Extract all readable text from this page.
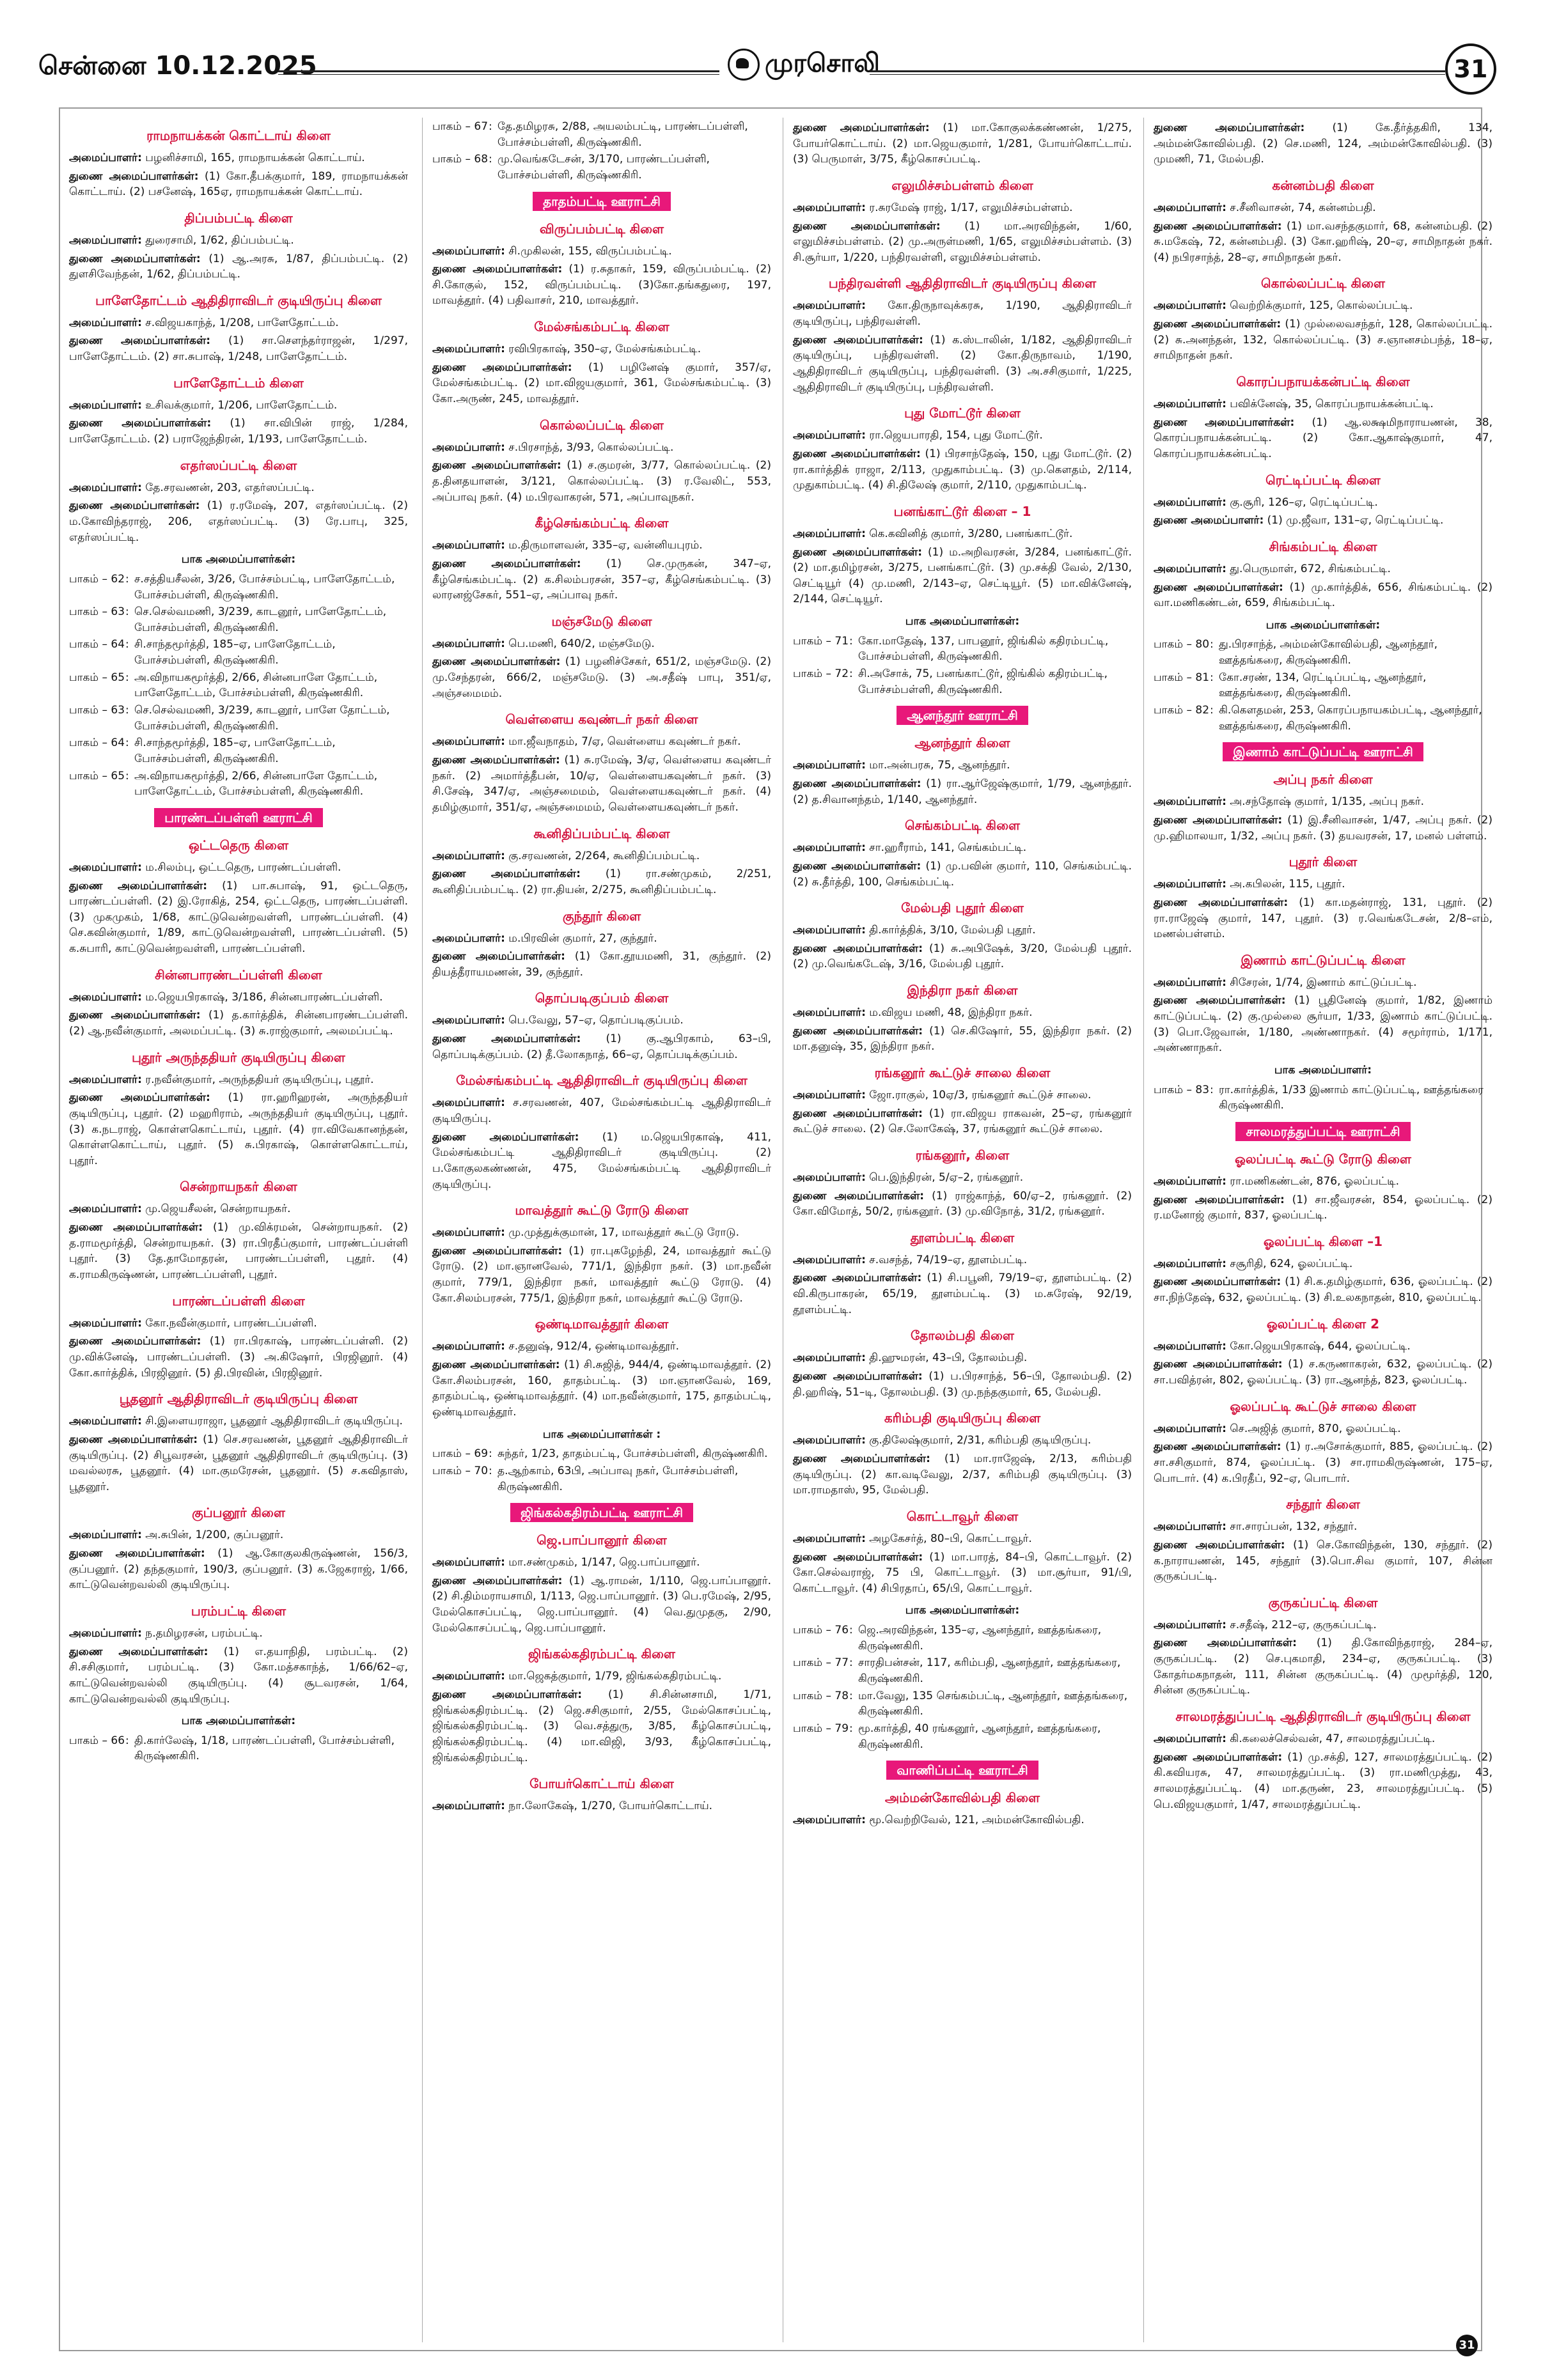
சென்னை 10.12.2025	முரசொலி	31
ராமநாயக்கன் கொட்டாய் கிளை
அமைப்பாளர்: பழனிச்சாமி, 165, ராமநாயக்கன் கொட்டாய்.
துணை அமைப்பாளர்கள்: (1) கோ.தீபக்குமார், 189, ராமநாயக்கன் கொட்டாய். (2) பசனேஷ், 165ஏ, ராமநாயக்கன் கொட்டாய்.
திப்பம்பட்டி கிளை
அமைப்பாளர்: துரைசாமி, 1/62, திப்பம்பட்டி.
துணை அமைப்பாளர்கள்: (1) ஆ.அரசு, 1/87, திப்பம்பட்டி. (2) துளசிவேந்தன், 1/62, திப்பம்பட்டி.
பாளேதோட்டம் ஆதிதிராவிடர் குடியிருப்பு கிளை
அமைப்பாளர்: ச.விஜயகாந்த், 1/208, பாளேதோட்டம்.
துணை அமைப்பாளர்கள்: (1) சா.சௌந்தர்ராஜன், 1/297, பாளேதோட்டம். (2) சா.சுபாஷ், 1/248, பாளேதோட்டம்.
பாளேதோட்டம் கிளை
அமைப்பாளர்: உசிவக்குமார், 1/206, பாளேதோட்டம்.
துணை அமைப்பாளர்கள்: (1) சா.விபின் ராஜ், 1/284, பாளேதோட்டம். (2) பராஜேந்திரன், 1/193, பாளேதோட்டம்.
எதர்ஸப்பட்டி கிளை
அமைப்பாளர்: தே.சரவணன், 203, எதர்ஸப்பட்டி.
துணை அமைப்பாளர்கள்: (1) ர.ரமேஷ், 207, எதர்ஸப்பட்டி. (2) ம.கோவிந்தராஜ், 206, எதர்ஸப்பட்டி. (3) ரே.பாபு, 325, எதர்ஸப்பட்டி.
பாக அமைப்பாளர்கள்:
பாகம் – 62 : ச.சத்தியசீலன், 3/26, போச்சம்பட்டி, பாளேதோட்டம், போச்சம்பள்ளி, கிருஷ்ணகிரி.
பாகம் – 63 : செ.செல்வமணி, 3/239, காடனூர், பாளேதோட்டம், போச்சம்பள்ளி, கிருஷ்ணகிரி.
பாகம் – 64 : சி.சாந்தமூர்த்தி, 185–ஏ, பாளேதோட்டம், போச்சம்பள்ளி, கிருஷ்ணகிரி.
பாகம் – 65 : அ.விநாயகமூர்த்தி, 2/66, சின்னபாளே தோட்டம், பாளேதோட்டம், போச்சம்பள்ளி, கிருஷ்ணகிரி.
பாகம் – 63 : செ.செல்வமணி, 3/239, காடனூர், பாளே தோட்டம், போச்சம்பள்ளி, கிருஷ்ணகிரி.
பாகம் – 64 : சி.சாந்தமூர்த்தி, 185–ஏ, பாளேதோட்டம், போச்சம்பள்ளி, கிருஷ்ணகிரி.
பாகம் – 65 : அ.விநாயகமூர்த்தி, 2/66, சின்னபாளே தோட்டம், பாளேதோட்டம், போச்சம்பள்ளி, கிருஷ்ணகிரி.
பாரண்டப்பள்ளி ஊராட்சி
ஒட்டதெரு கிளை
அமைப்பாளர்: ம.சிலம்பு, ஒட்டதெரு, பாரண்டப்பள்ளி.
துணை அமைப்பாளர்கள்: (1) பா.சுபாஷ், 91, ஒட்டதெரு, பாரண்டப்பள்ளி. (2) இ.ரோகித், 254, ஒட்டதெரு, பாரண்டப்பள்ளி. (3) முகமுகம், 1/68, காட்டுவென்றவள்ளி, பாரண்டப்பள்ளி. (4) செ.கவின்குமார், 1/89, காட்டுவென்றவள்ளி, பாரண்டப்பள்ளி. (5) க.சுபாரி, காட்டுவென்றவள்ளி, பாரண்டப்பள்ளி.
சின்னபாரண்டப்பள்ளி கிளை
அமைப்பாளர்: ம.ஜெயபிரகாஷ், 3/186, சின்னபாரண்டப்பள்ளி.
துணை அமைப்பாளர்கள்: (1) த.கார்த்திக், சின்னபாரண்டப்பள்ளி. (2) ஆ.நவீன்குமார், அலமப்பட்டி. (3) சு.ராஜ்குமார், அலமப்பட்டி.
புதூர் அருந்ததியர் குடியிருப்பு கிளை
அமைப்பாளர்: ர.நவீன்குமார், அருந்ததியர் குடியிருப்பு, புதூர்.
துணை அமைப்பாளர்கள்: (1) ரா.ஹரிஹரன், அருந்ததியர் குடியிருப்பு, புதூர். (2) மஹரிராம், அருந்ததியர் குடியிருப்பு, புதூர். (3) க.நடராஜ், கொள்ளகொட்டாய், புதூர். (4) ரா.விவேகானந்தன், கொள்ளகொட்டாய், புதூர். (5) சு.பிரகாஷ், கொள்ளகொட்டாய், புதூர்.
சென்றாயநகர் கிளை
அமைப்பாளர்: மு.ஜெயசீலன், சென்றாயநகர்.
துணை அமைப்பாளர்கள்: (1) மு.விக்ரமன், சென்றாயநகர். (2) த.ராமமூர்த்தி, சென்றாயநகர். (3) ரா.பிரதீப்குமார், பாரண்டப்பள்ளி புதூர். (3) தே.தாமோதரன், பாரண்டப்பள்ளி, புதூர். (4) க.ராமகிருஷ்ணன், பாரண்டப்பள்ளி, புதூர்.
பாரண்டப்பள்ளி கிளை
அமைப்பாளர்: கோ.நவீன்குமார், பாரண்டப்பள்ளி.
துணை அமைப்பாளர்கள்: (1) ரா.பிரகாஷ், பாரண்டப்பள்ளி. (2) மு.விக்னேஷ், பாரண்டப்பள்ளி. (3) அ.கிஷோர், பிரஜினூர். (4) கோ.கார்த்திக், பிரஜினூர். (5) தி.பிரவின், பிரஜினூர்.
பூதனூர் ஆதிதிராவிடர் குடியிருப்பு கிளை
அமைப்பாளர்: சி.இளையராஜா, பூதனூர் ஆதிதிராவிடர் குடியிருப்பு.
துணை அமைப்பாளர்கள்: (1) செ.சரவணன், பூதனூர் ஆதிதிராவிடர் குடியிருப்பு. (2) சிபூவரசன், பூதனூர் ஆதிதிராவிடர் குடியிருப்பு. (3) மவல்லரசு, பூதனூர். (4) மா.குமரேசன், பூதனூர். (5) ச.கவிதாஸ், பூதனூர்.
குப்பனூர் கிளை
அமைப்பாளர்: அ.சுபின், 1/200, குப்பனூர்.
துணை அமைப்பாளர்கள்: (1) ஆ.கோகுலகிருஷ்ணன், 156/3, குப்பனூர். (2) தந்தகுமார், 190/3, குப்பனூர். (3) க.ஜேகராஜ், 1/66, காட்டுவென்றவல்லி குடியிருப்பு.
பரம்பட்டி கிளை
அமைப்பாளர்: ந.தமிழரசன், பரம்பட்டி.
துணை அமைப்பாளர்கள்: (1) எ.தயாநிதி, பரம்பட்டி. (2) சி.சசிகுமார், பரம்பட்டி. (3) கோ.மத்சகாந்த், 1/66/62–ஏ, காட்டுவென்றவல்லி குடியிருப்பு. (4) சூடவரசன், 1/64, காட்டுவென்றவல்லி குடியிருப்பு.
பாக அமைப்பாளர்கள்:
பாகம் – 66 : தி.கார்லேஷ், 1/18, பாரண்டப்பள்ளி, போச்சம்பள்ளி, கிருஷ்ணகிரி.
பாகம் – 67 : தே.தமிழரசு, 2/88, அயலம்பட்டி, பாரண்டப்பள்ளி, போச்சம்பள்ளி, கிருஷ்ணகிரி.
பாகம் – 68 : மு.வெங்கடேசன், 3/170, பாரண்டப்பள்ளி, போச்சம்பள்ளி, கிருஷ்ணகிரி.
தாதம்பட்டி ஊராட்சி
விருப்பம்பட்டி கிளை
அமைப்பாளர்: சி.முகிலன், 155, விருப்பம்பட்டி.
துணை அமைப்பாளர்கள்: (1) ர.சுதாகர், 159, விருப்பம்பட்டி. (2) சி.கோகுல், 152, விருப்பம்பட்டி. (3)கோ.தங்கதுரை, 197, மாவத்தூர். (4) பதிவாசர், 210, மாவத்தூர்.
மேல்சங்கம்பட்டி கிளை
அமைப்பாளர்: ரவிபிரகாஷ், 350–ஏ, மேல்சங்கம்பட்டி.
துணை அமைப்பாளர்கள்: (1) பழினேஷ் குமார், 357/ஏ, மேல்சங்கம்பட்டி. (2) மா.விஜயகுமார், 361, மேல்சங்கம்பட்டி. (3) கோ.அருண், 245, மாவத்தூர்.
கொல்லப்பட்டி கிளை
அமைப்பாளர்: ச.பிரசாந்த், 3/93, கொல்லப்பட்டி.
துணை அமைப்பாளர்கள்: (1) ச.குமரன், 3/77, கொல்லப்பட்டி. (2) த.தினதயாளன், 3/121, கொல்லப்பட்டி. (3) ர.வேலிட், 553, அப்பாவு நகர். (4) ம.பிரவாகரன், 571, அப்பாவுநகர்.
கீழ்செங்கம்பட்டி கிளை
அமைப்பாளர்: ம.திருமாளவன், 335–ஏ, வன்னியபுரம்.
துணை அமைப்பாளர்கள்: (1) செ.முருகன், 347–ஏ, கீழ்செங்கம்பட்டி. (2) க.சிலம்பரசன், 357–ஏ, கீழ்செங்கம்பட்டி. (3) லாரனஜ்சேகர், 551–ஏ, அப்பாவு நகர்.
மஞ்சமேடு கிளை
அமைப்பாளர்: பெ.மணி, 640/2, மஞ்சமேடு.
துணை அமைப்பாளர்கள்: (1) பழனிச்சேகர், 651/2, மஞ்சமேடு. (2) மு.சேந்தரன், 666/2, மஞ்சமேடு. (3) அ.சதீஷ் பாபு, 351/ஏ, அஞ்சமைமம்.
வெள்ளைய கவுண்டர் நகர் கிளை
அமைப்பாளர்: மா.ஜீவநாதம், 7/ஏ, வெள்ளைய கவுண்டர் நகர்.
துணை அமைப்பாளர்கள்: (1) சு.ரமேஷ், 3/ஏ, வெள்ளைய கவுண்டர் நகர். (2) அமார்த்தீபன், 10/ஏ, வெள்ளையகவுண்டர் நகர். (3) சி.சேஷ், 347/ஏ, அஞ்சமைமம், வெள்ளையகவுண்டர் நகர். (4) தமிழ்குமார், 351/ஏ, அஞ்சமைமம், வெள்ளையகவுண்டர் நகர்.
கூனிதிப்பம்பட்டி கிளை
அமைப்பாளர்: கு.சரவணன், 2/264, கூனிதிப்பம்பட்டி.
துணை அமைப்பாளர்கள்: (1) ரா.சண்முகம், 2/251, கூனிதிப்பம்பட்டி. (2) ரா.தியன், 2/275, கூனிதிப்பம்பட்டி.
குந்தூர் கிளை
அமைப்பாளர்: ம.பிரவின் குமார், 27, குந்தூர்.
துணை அமைப்பாளர்கள்: (1) கோ.தூயமணி, 31, குந்தூர். (2) தியத்தீராயமணன், 39, குந்தூர்.
தொப்படிகுப்பம் கிளை
அமைப்பாளர்: பெ.வேலு, 57–ஏ, தொப்படிகுப்பம்.
துணை அமைப்பாளர்கள்: (1) கு.ஆபிரகாம், 63–பி, தொப்படிக்குப்பம். (2) தீ.லோகநாத், 66–ஏ, தொப்படிக்குப்பம்.
மேல்சங்கம்பட்டி ஆதிதிராவிடர் குடியிருப்பு கிளை
அமைப்பாளர்: ச.சரவணன், 407, மேல்சங்கம்பட்டி ஆதிதிராவிடர் குடியிருப்பு.
துணை அமைப்பாளர்கள்: (1) ம.ஜெயபிரகாஷ், 411, மேல்சங்கம்பட்டி ஆதிதிராவிடர் குடியிருப்பு. (2) ப.கோகுலகண்ணன், 475, மேல்சங்கம்பட்டி ஆதிதிராவிடர் குடியிருப்பு.
மாவத்தூர் கூட்டு ரோடு கிளை
அமைப்பாளர்: மு.முத்துக்குமான், 17, மாவத்தூர் கூட்டு ரோடு.
துணை அமைப்பாளர்கள்: (1) ரா.புகழேந்தி, 24, மாவத்தூர் கூட்டு ரோடு. (2) மா.ஞானவேல், 771/1, இந்திரா நகர். (3) மா.நவீன் குமார், 779/1, இந்திரா நகர், மாவத்தூர் கூட்டு ரோடு. (4) கோ.சிலம்பரசன், 775/1, இந்திரா நகர், மாவத்தூர் கூட்டு ரோடு.
ஒண்டிமாவத்தூர் கிளை
அமைப்பாளர்: ச.தனுஷ், 912/4, ஒண்டிமாவத்தூர்.
துணை அமைப்பாளர்கள்: (1) சி.சுஜித், 944/4, ஒண்டிமாவத்தூர். (2) கோ.சிலம்பரசன், 160, தாதம்பட்டி. (3) மா.ஞானவேல், 169, தாதம்பட்டி, ஒண்டிமாவத்தூர். (4) மா.நவீன்குமார், 175, தாதம்பட்டி, ஒண்டிமாவத்தூர்.
பாக அமைப்பாளர்கள் :
பாகம் – 69 : சுந்தர், 1/23, தாதம்பட்டி, போச்சம்பள்ளி, கிருஷ்ணகிரி.
பாகம் – 70 : த.ஆற்காம், 63பி, அப்பாவு நகர், போச்சம்பள்ளி, கிருஷ்ணகிரி.
ஜிங்கல்கதிரம்பட்டி ஊராட்சி
ஜெ.பாப்பானூர் கிளை
அமைப்பாளர்: மா.சண்முகம், 1/147, ஜெ.பாப்பானூர்.
துணை அமைப்பாளர்கள்: (1) ஆ.ராமன், 1/110, ஜெ.பாப்பானூர். (2) சி.திம்மராயசாமி, 1/113, ஜெ.பாப்பானூர். (3) பெ.ரமேஷ், 2/95, மேல்கொசப்பட்டி, ஜெ.பாப்பானூர். (4) வெ.துமுதகு, 2/90, மேல்கொசப்பட்டி, ஜெ.பாப்பானூர்.
ஜிங்கல்கதிரம்பட்டி கிளை
அமைப்பாளர்: மா.ஜெகத்குமார், 1/79, ஜிங்கல்கதிரம்பட்டி.
துணை அமைப்பாளர்கள்: (1) சி.சின்னசாமி, 1/71, ஜிங்கல்கதிரம்பட்டி. (2) ஜெ.சசிகுமார், 2/55, மேல்கொசப்பட்டி, ஜிங்கல்கதிரம்பட்டி. (3) வெ.சத்துரு, 3/85, கீழ்கொசப்பட்டி, ஜிங்கல்கதிரம்பட்டி. (4) மா.விஜி, 3/93, கீழ்கொசப்பட்டி, ஜிங்கல்கதிரம்பட்டி.
போயர்கொட்டாய் கிளை
அமைப்பாளர்: நா.லோகேஷ், 1/270, போயர்கொட்டாய்.
துணை அமைப்பாளர்கள்: (1) மா.கோகுலக்கண்ணன், 1/275, போயர்கொட்டாய். (2) மா.ஜெயகுமார், 1/281, போயர்கொட்டாய். (3) பெருமாள், 3/75, கீழ்கொசப்பட்டி.
எலுமிச்சம்பள்ளம் கிளை
அமைப்பாளர்: ர.சுரமேஷ் ராஜ், 1/17, எலுமிச்சம்பள்ளம்.
துணை அமைப்பாளர்கள்: (1) மா.அரவிந்தன், 1/60, எலுமிச்சம்பள்ளம். (2) மு.அருள்மணி, 1/65, எலுமிச்சம்பள்ளம். (3) சி.சூர்யா, 1/220, பந்திரவள்ளி, எலுமிச்சம்பள்ளம்.
பந்திரவள்ளி ஆதிதிராவிடர் குடியிருப்பு கிளை
அமைப்பாளர்: கோ.திருநாவுக்கரசு, 1/190, ஆதிதிராவிடர் குடியிருப்பு, பந்திரவள்ளி.
துணை அமைப்பாளர்கள்: (1) க.ஸ்டாலின், 1/182, ஆதிதிராவிடர் குடியிருப்பு, பந்திரவள்ளி. (2) கோ.திருநாவம், 1/190, ஆதிதிராவிடர் குடியிருப்பு, பந்திரவள்ளி. (3) அ.சசிகுமார், 1/225, ஆதிதிராவிடர் குடியிருப்பு, பந்திரவள்ளி.
புது மோட்டூர் கிளை
அமைப்பாளர்: ரா.ஜெயபாரதி, 154, புது மோட்டூர்.
துணை அமைப்பாளர்கள்: (1) பிரசாந்தேஷ், 150, புது மோட்டூர். (2) ரா.கார்த்திக் ராஜா, 2/113, முதுகாம்பட்டி. (3) மு.கௌதம், 2/114, முதுகாம்பட்டி. (4) சி.திலேஷ் குமார், 2/110, முதுகாம்பட்டி.
பனங்காட்டூர் கிளை – 1
அமைப்பாளர்: கெ.கவினித் குமார், 3/280, பனங்காட்டூர்.
துணை அமைப்பாளர்கள்: (1) ம.அறிவரசன், 3/284, பனங்காட்டூர். (2) மா.தமிழ்ரசன், 3/275, பனங்காட்டூர். (3) மு.சக்தி வேல், 2/130, செட்டியூர் (4) மு.மணி, 2/143–ஏ, செட்டியூர். (5) மா.விக்னேஷ், 2/144, செட்டியூர்.
பாக அமைப்பாளர்கள்:
பாகம் – 71 : கோ.மாதேஷ், 137, பாபனூர், ஜிங்கில் கதிரம்பட்டி, போச்சம்பள்ளி, கிருஷ்ணகிரி.
பாகம் – 72 : சி.அசோக், 75, பனங்காட்டூர், ஜிங்கில் கதிரம்பட்டி, போச்சம்பள்ளி, கிருஷ்ணகிரி.
ஆனந்தூர் ஊராட்சி
ஆனந்தூர் கிளை
அமைப்பாளர்: மா.அன்பரசு, 75, ஆனந்தூர்.
துணை அமைப்பாளர்கள்: (1) ரா.ஆர்ஜேஷ்குமார், 1/79, ஆனந்தூர். (2) த.சிவானந்தம், 1/140, ஆனந்தூர்.
செங்கம்பட்டி கிளை
அமைப்பாளர்: சா.ஹரீராம், 141, செங்கம்பட்டி.
துணை அமைப்பாளர்கள்: (1) மு.பவின் குமார், 110, செங்கம்பட்டி. (2) சு.தீர்த்தி, 100, செங்கம்பட்டி.
மேல்பதி புதூர் கிளை
அமைப்பாளர்: தி.கார்த்திக், 3/10, மேல்பதி புதூர்.
துணை அமைப்பாளர்கள்: (1) சு.அபிஷேக், 3/20, மேல்பதி புதூர். (2) மு.வெங்கடேஷ், 3/16, மேல்பதி புதூர்.
இந்திரா நகர் கிளை
அமைப்பாளர்: ம.விஜய மணி, 48, இந்திரா நகர்.
துணை அமைப்பாளர்கள்: (1) செ.கிஷோர், 55, இந்திரா நகர். (2) மா.தனுஷ், 35, இந்திரா நகர்.
ரங்கனூர் கூட்டுச் சாலை கிளை
அமைப்பாளர்: ஜோ.ராகுல், 10ஏ/3, ரங்கனூர் கூட்டுச் சாலை.
துணை அமைப்பாளர்கள்: (1) ரா.விஜய ராகவன், 25–ஏ, ரங்கனூர் கூட்டுச் சாலை. (2) செ.லோகேஷ், 37, ரங்கனூர் கூட்டுச் சாலை.
ரங்கனூர், கிளை
அமைப்பாளர்: பெ.இந்திரன், 5/ஏ–2, ரங்கனூர்.
துணை அமைப்பாளர்கள்: (1) ராஜ்காந்த், 60/ஏ–2, ரங்கனூர். (2) கோ.விமோத், 50/2, ரங்கனூர். (3) மு.விநோத், 31/2, ரங்கனூர்.
தூளம்பட்டி கிளை
அமைப்பாளர்: ச.வசந்த், 74/19–ஏ, தூளம்பட்டி.
துணை அமைப்பாளர்கள்: (1) சி.பபூனி, 79/19–ஏ, தூளம்பட்டி. (2) வி.கிருபாகரன், 65/19, தூளம்பட்டி. (3) ம.சுரேஷ், 92/19, தூளம்பட்டி.
தோலம்பதி கிளை
அமைப்பாளர்: தி.ஹுமரன், 43–பி, தோலம்பதி.
துணை அமைப்பாளர்கள்: (1) ப.பிரசாந்த், 56–பி, தோலம்பதி. (2) தி.ஹரிஷ், 51–டி, தோலம்பதி. (3) மு.நந்தகுமார், 65, மேல்பதி.
கரிம்பதி குடியிருப்பு கிளை
அமைப்பாளர்: கு.திலேஷ்குமார், 2/31, கரிம்பதி குடியிருப்பு.
துணை அமைப்பாளர்கள்: (1) மா.ராஜேஷ், 2/13, கரிம்பதி குடியிருப்பு. (2) கா.வடிவேலு, 2/37, கரிம்பதி குடியிருப்பு. (3) மா.ராமதாஸ், 95, மேல்பதி.
கொட்டாவூர் கிளை
அமைப்பாளர்: அழகேசர்த், 80–பி, கொட்டாவூர்.
துணை அமைப்பாளர்கள்: (1) மா.பாரத், 84–பி, கொட்டாவூர். (2) கோ.செல்வராஜ், 75 பி, கொட்டாவூர். (3) மா.சூர்யா, 91/பி, கொட்டாவூர். (4) சிபிரதாப், 65/பி, கொட்டாவூர்.
பாக அமைப்பாளர்கள்:
பாகம் – 76 : ஜெ.அரவிந்தன், 135–ஏ, ஆனந்தூர், ஊத்தங்கரை, கிருஷ்ணகிரி.
பாகம் – 77 : சாரதிபன்சன், 117, கரிம்பதி, ஆனந்தூர், ஊத்தங்கரை, கிருஷ்ணகிரி.
பாகம் – 78 : மா.வேலு, 135 செங்கம்பட்டி, ஆனந்தூர், ஊத்தங்கரை, கிருஷ்ணகிரி.
பாகம் – 79 : மூ.கார்த்தி, 40 ரங்கனூர், ஆனந்தூர், ஊத்தங்கரை, கிருஷ்ணகிரி.
வாணிப்பட்டி ஊராட்சி
அம்மன்கோவில்பதி கிளை
அமைப்பாளர்: மூ.வெற்றிவேல், 121, அம்மன்கோவில்பதி.
துணை அமைப்பாளர்கள்:	(1) கே.தீர்த்தகிரி, 134, அம்மன்கோவில்பதி. (2) செ.மணி, 124, அம்மன்கோவில்பதி. (3) முமணி, 71, மேல்பதி.
கன்னம்பதி கிளை
அமைப்பாளர்: ச.சீனிவாசன், 74, கன்னம்பதி.
துணை அமைப்பாளர்கள்: (1) மா.வசந்தகுமார், 68, கன்னம்பதி. (2) சு.மகேஷ், 72, கன்னம்பதி. (3) கோ.ஹரிஷ், 20–ஏ, சாமிநாதன் நகர். (4) நபிரசாந்த், 28–ஏ, சாமிநாதன் நகர்.
கொல்லப்பட்டி கிளை
அமைப்பாளர்: வெற்றிக்குமார், 125, கொல்லப்பட்டி.
துணை அமைப்பாளர்கள்: (1) முல்லைவசந்தர், 128, கொல்லப்பட்டி. (2) சு.அனந்தன், 132, கொல்லப்பட்டி. (3) ச.ஞானசம்பந்த், 18–ஏ, சாமிநாதன் நகர்.
கொரப்பநாயக்கன்பட்டி கிளை
அமைப்பாளர்: பவிக்னேஷ், 35, கொரப்பநாயக்கன்பட்டி.
துணை அமைப்பாளர்கள்: (1) ஆ.லக்ஷமிநாராயணன், 38, கொரப்பநாயக்கன்பட்டி. (2) கோ.ஆகாஷ்குமார், 47, கொரப்பநாயக்கன்பட்டி.
ரெட்டிப்பட்டி கிளை
அமைப்பாளர்: கு.சூரி, 126–ஏ, ரெட்டிப்பட்டி.
துணை அமைப்பாளர்: (1) மு.ஜீவா, 131–ஏ, ரெட்டிப்பட்டி.
சிங்கம்பட்டி கிளை
அமைப்பாளர்: து.பெருமாள், 672, சிங்கம்பட்டி.
துணை அமைப்பாளர்கள்: (1) மு.கார்த்திக், 656, சிங்கம்பட்டி. (2) வா.மணிகண்டன், 659, சிங்கம்பட்டி.
பாக அமைப்பாளர்கள்:
பாகம் – 80 : து.பிரசாந்த், அம்மன்கோவில்பதி, ஆனந்தூர், ஊத்தங்கரை, கிருஷ்ணகிரி.
பாகம் – 81 : கோ.சரண், 134, ரெட்டிப்பட்டி, ஆனந்தூர், ஊத்தங்கரை, கிருஷ்ணகிரி.
பாகம் – 82 : கி.கௌதமன், 253, கொரப்பநாயகம்பட்டி, ஆனந்தூர், ஊத்தங்கரை, கிருஷ்ணகிரி.
இணாம் காட்டுப்பட்டி ஊராட்சி
அப்பு நகர் கிளை
அமைப்பாளர்: அ.சந்தோஷ் குமார், 1/135, அப்பு நகர்.
துணை அமைப்பாளர்கள்: (1) இ.சீனிவாசன், 1/47, அப்பு நகர். (2) மு.ஹிமாலயா, 1/32, அப்பு நகர். (3) தயவரசன், 17, மனல் பள்ளம்.
புதூர் கிளை
அமைப்பாளர்: அ.கபிலன், 115, புதூர்.
துணை அமைப்பாளர்கள்: (1) கா.மதன்ராஜ், 131, புதூர். (2) ரா.ராஜேஷ் குமார், 147, புதூர். (3) ர.வெங்கடேசன், 2/8–எம், மணல்பள்ளம்.
இணாம் காட்டுப்பட்டி கிளை
அமைப்பாளர்: சிசேரன், 1/74, இணாம் காட்டுப்பட்டி.
துணை அமைப்பாளர்கள்: (1) பூதினேஷ் குமார், 1/82, இணாம் காட்டுப்பட்டி. (2) கு.முல்லை சூர்யா, 1/33, இணாம் காட்டுப்பட்டி. (3) பொ.ஜேவான், 1/180, அண்ணாநகர். (4) சமூர்ராம், 1/171, அண்ணாநகர்.
பாக அமைப்பாளர்:
பாகம் – 83 : ரா.கார்த்திக், 1/33 இணாம் காட்டுப்பட்டி, ஊத்தங்கரை கிருஷ்ணகிரி.
சாலமரத்துப்பட்டி ஊராட்சி
ஓலப்பட்டி கூட்டு ரோடு கிளை
அமைப்பாளர்: ரா.மணிகண்டன், 876, ஓலப்பட்டி.
துணை அமைப்பாளர்கள்: (1) சா.ஜீவரசன், 854, ஓலப்பட்டி. (2) ர.மனோஜ் குமார், 837, ஓலப்பட்டி.
ஓலப்பட்டி கிளை –1
அமைப்பாளர்: சசூரிதி, 624, ஓலப்பட்டி.
துணை அமைப்பாளர்கள்: (1) சி.க.தமிழ்குமார், 636, ஓலப்பட்டி. (2) சா.நிந்தேஷ், 632, ஓலப்பட்டி. (3) சி.உலகநாதன், 810, ஓலப்பட்டி.
ஓலப்பட்டி கிளை 2
அமைப்பாளர்: கோ.ஜெயபிரகாஷ், 644, ஓலப்பட்டி.
துணை அமைப்பாளர்கள்: (1) ச.கருணாகரன், 632, ஓலப்பட்டி. (2) சா.பவித்ரன், 802, ஓலப்பட்டி. (3) ரா.ஆனந்த், 823, ஓலப்பட்டி.
ஓலப்பட்டி கூட்டுச் சாலை கிளை
அமைப்பாளர்: செ.அஜித் குமார், 870, ஓலப்பட்டி.
துணை அமைப்பாளர்கள்: (1) ர.அசோக்குமார், 885, ஓலப்பட்டி. (2) சா.சசிகுமார், 874, ஓலப்பட்டி. (3) சா.ராமகிருஷ்ணன், 175–ஏ, பொடார். (4) க.பிரதீப், 92–ஏ, பொடார்.
சந்தூர் கிளை
அமைப்பாளர்: சா.சாரப்பன், 132, சந்தூர்.
துணை அமைப்பாளர்கள்: (1) செ.கோவிந்தன், 130, சந்தூர். (2) க.நாராயணன், 145, சந்தூர் (3).பொ.சிவ குமார், 107, சின்ன குருகப்பட்டி.
குருகப்பட்டி கிளை
அமைப்பாளர்: ச.சதீஷ், 212–ஏ, குருகப்பட்டி.
துணை அமைப்பாளர்கள்: (1) தி.கோவிந்தராஜ், 284–ஏ, குருகப்பட்டி. (2) செ.புகமாதி, 234–ஏ, குருகப்பட்டி. (3) கோதர்மகநாதன், 111, சின்ன குருகப்பட்டி. (4) முமூர்த்தி, 120, சின்ன குருகப்பட்டி.
சாலமரத்துப்பட்டி ஆதிதிராவிடர் குடியிருப்பு கிளை
அமைப்பாளர்: கி.கலைச்செல்வன், 47, சாலமரத்துப்பட்டி.
துணை அமைப்பாளர்கள்: (1) மு.சக்தி, 127, சாலமரத்துப்பட்டி. (2) கி.கவியரசு, 47, சாலமரத்துப்பட்டி. (3) ரா.மணிமுத்து, 43, சாலமரத்துப்பட்டி. (4) மா.தருண், 23, சாலமரத்துப்பட்டி. (5) பெ.விஜயகுமார், 1/47, சாலமரத்துப்பட்டி.
31
